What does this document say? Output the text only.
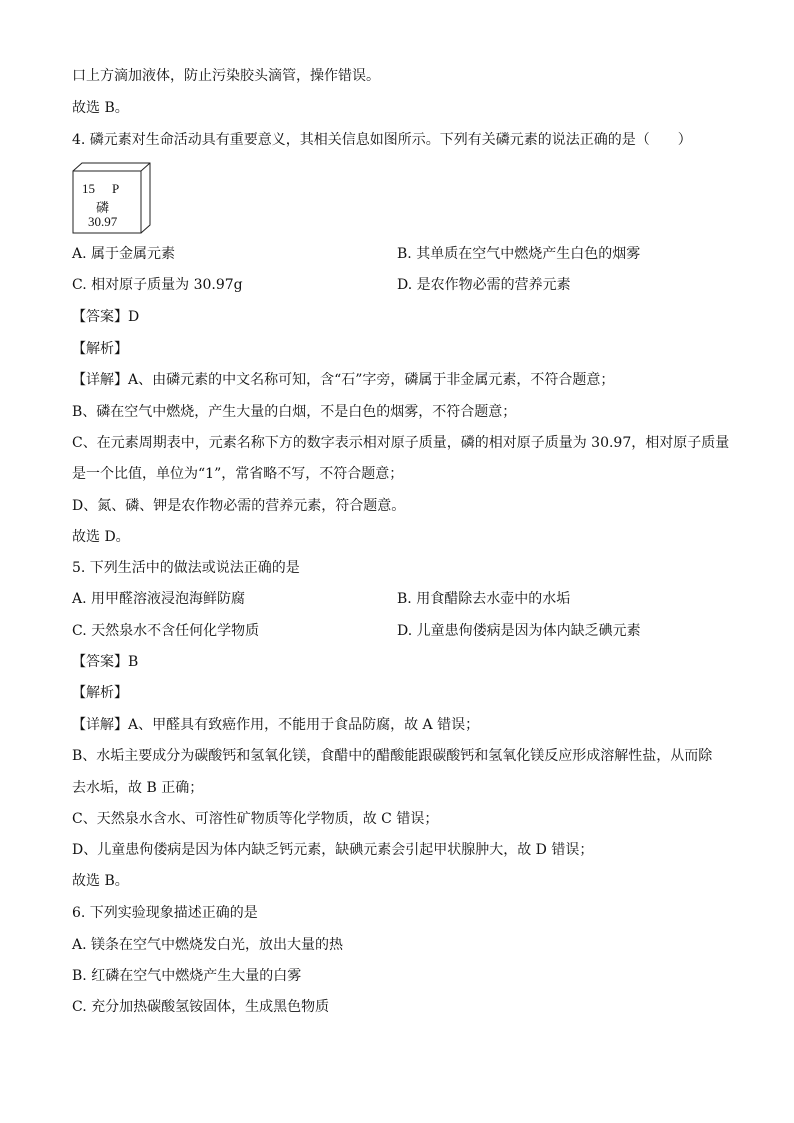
口上方滴加液体，防止污染胶头滴管，操作错误。
故选 B。
4. 磷元素对生命活动具有重要意义，其相关信息如图所示。下列有关磷元素的说法正确的是（　　）
15 P
磷
30.97
A. 属于金属元素	B. 其单质在空气中燃烧产生白色的烟雾
C. 相对原子质量为 30.97g	D. 是农作物必需的营养元素
【答案】D
【解析】
【详解】A、由磷元素的中文名称可知，含“石”字旁，磷属于非金属元素，不符合题意；
B、磷在空气中燃烧，产生大量的白烟，不是白色的烟雾，不符合题意；
C、在元素周期表中，元素名称下方的数字表示相对原子质量，磷的相对原子质量为 30.97，相对原子质量
是一个比值，单位为“1”，常省略不写，不符合题意；
D、氮、磷、钾是农作物必需的营养元素，符合题意。
故选 D。
5. 下列生活中的做法或说法正确的是
A. 用甲醛溶液浸泡海鲜防腐	B. 用食醋除去水壶中的水垢
C. 天然泉水不含任何化学物质	D. 儿童患佝偻病是因为体内缺乏碘元素
【答案】B
【解析】
【详解】A、甲醛具有致癌作用，不能用于食品防腐，故 A 错误；
B、水垢主要成分为碳酸钙和氢氧化镁，食醋中的醋酸能跟碳酸钙和氢氧化镁反应形成溶解性盐，从而除
去水垢，故 B 正确；
C、天然泉水含水、可溶性矿物质等化学物质，故 C 错误；
D、儿童患佝偻病是因为体内缺乏钙元素，缺碘元素会引起甲状腺肿大，故 D 错误；
故选 B。
6. 下列实验现象描述正确的是
A. 镁条在空气中燃烧发白光，放出大量的热
B. 红磷在空气中燃烧产生大量的白雾
C. 充分加热碳酸氢铵固体，生成黑色物质
